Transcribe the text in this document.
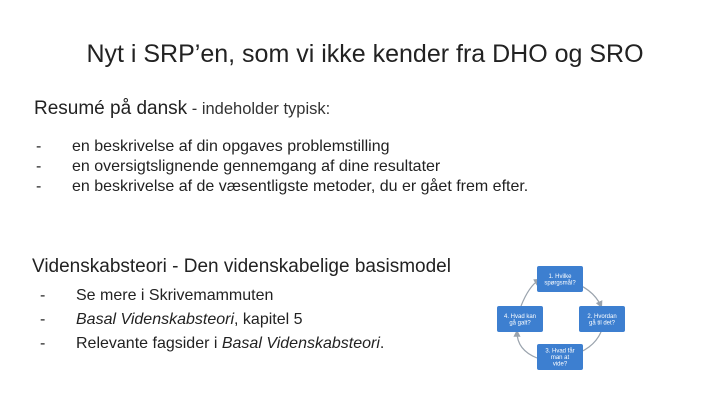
Nyt i SRP’en, som vi ikke kender fra DHO og SRO
Resumé på dansk - indeholder typisk:
- en beskrivelse af din opgaves problemstilling
- en oversigtslignende gennemgang af dine resultater
- en beskrivelse af de væsentligste metoder, du er gået frem efter.
Videnskabsteori - Den videnskabelige basismodel
- Se mere i Skrivemammuten
- Basal Videnskabsteori, kapitel 5
- Relevante fagsider i Basal Videnskabsteori.
1. Hvilke
spørgsmål?
2. Hvordan
gå til det?
3. Hvad får
man at
vide?
4. Hvad kan
gå galt?
